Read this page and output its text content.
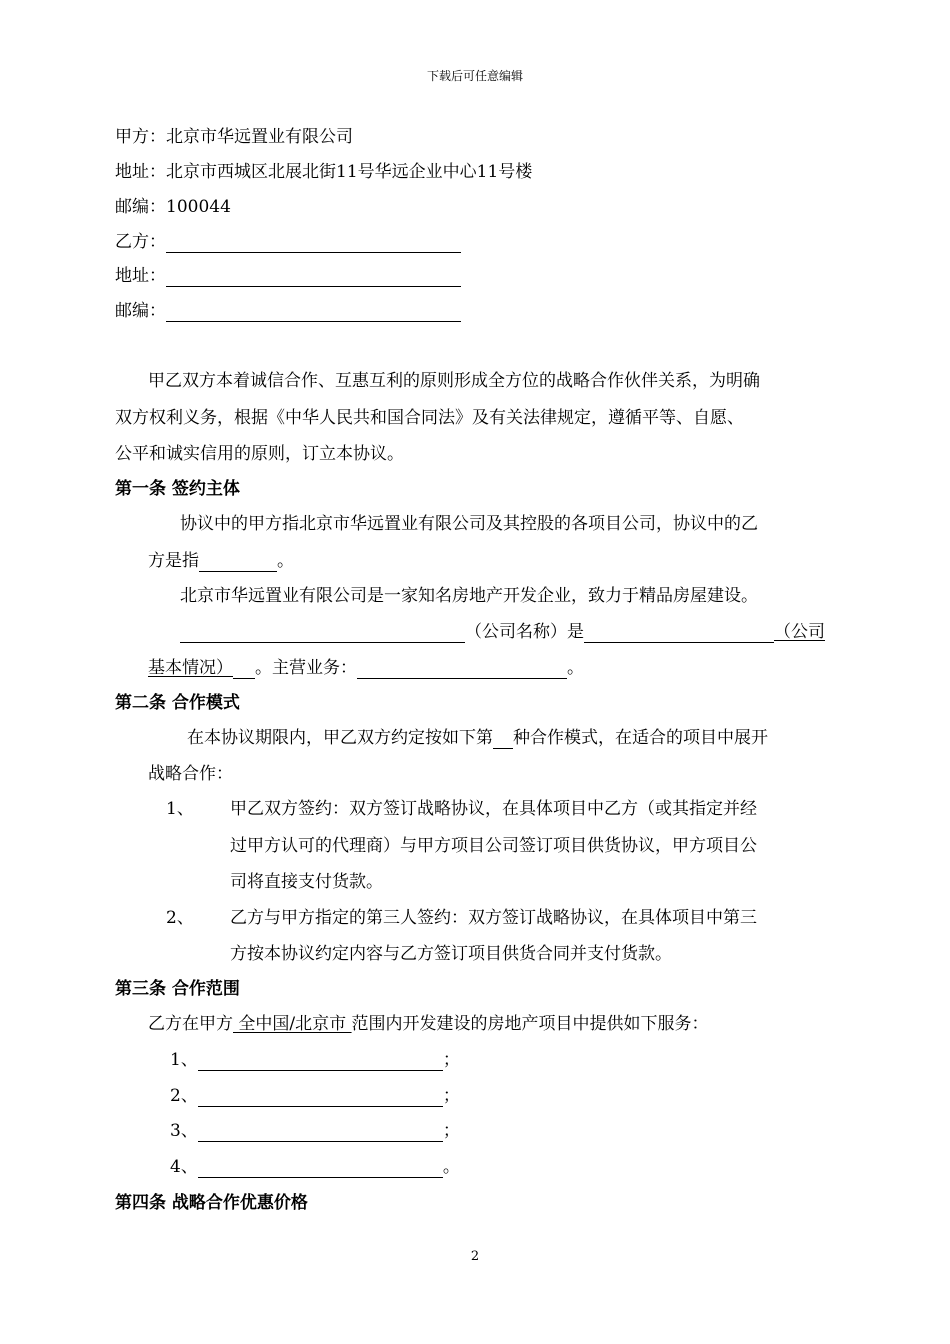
下载后可任意编辑
甲方：北京市华远置业有限公司
地址：北京市西城区北展北街11号华远企业中心11号楼
邮编：100044
乙方：
地址：
邮编：
甲乙双方本着诚信合作、互惠互利的原则形成全方位的战略合作伙伴关系，为明确
双方权利义务，根据《中华人民共和国合同法》及有关法律规定，遵循平等、自愿、
公平和诚实信用的原则，订立本协议。
第一条 签约主体
协议中的甲方指北京市华远置业有限公司及其控股的各项目公司，协议中的乙
方是指	。
北京市华远置业有限公司是一家知名房地产开发企业，致力于精品房屋建设。
（公司名称）是	（公司
基本情况） 。主营业务：	。
第二条 合作模式
在本协议期限内，甲乙双方约定按如下第 种合作模式，在适合的项目中展开
战略合作：
1、 甲乙双方签约：双方签订战略协议，在具体项目中乙方（或其指定并经
过甲方认可的代理商）与甲方项目公司签订项目供货协议，甲方项目公
司将直接支付货款。
2、 乙方与甲方指定的第三人签约：双方签订战略协议，在具体项目中第三
方按本协议约定内容与乙方签订项目供货合同并支付货款。
第三条 合作范围
乙方在甲方 全中国/北京市 范围内开发建设的房地产项目中提供如下服务：
1、	；
2、	；
3、	；
4、	。
第四条 战略合作优惠价格
2
